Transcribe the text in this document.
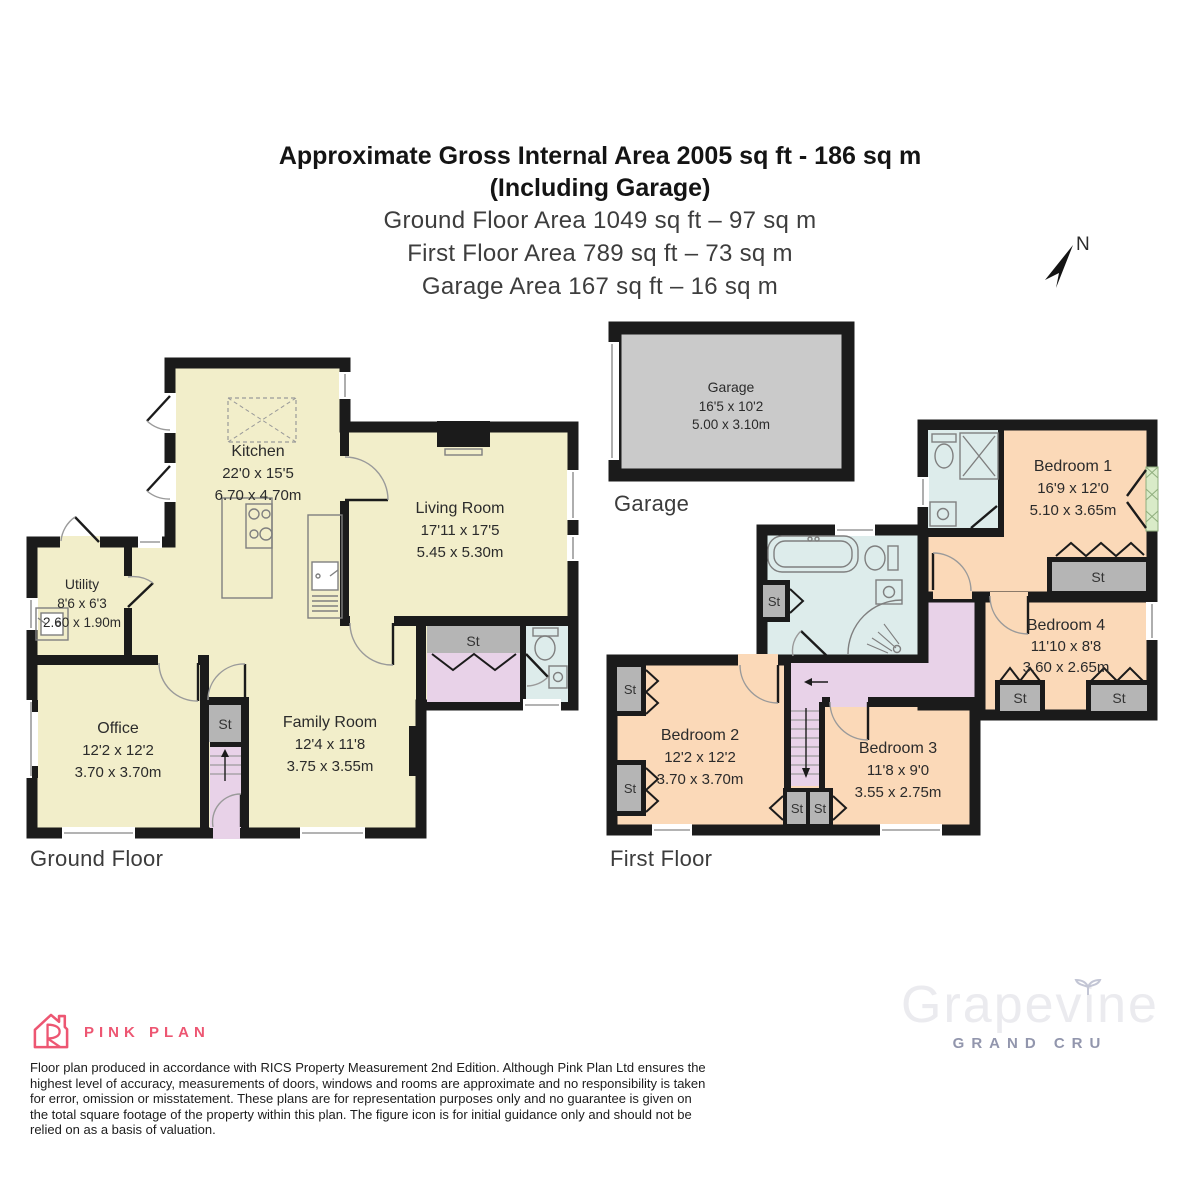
Approximate Gross Internal Area 2005 sq ft - 186 sq m
(Including Garage)
Ground Floor Area 1049 sq ft – 97 sq m
First Floor Area 789 sq ft – 73 sq m
Garage Area 167 sq ft – 16 sq m
N
Kitchen
22'0 x 15'5
6.70 x 4.70m
Living Room
17'11 x 17'5
5.45 x 5.30m
Utility
8'6 x 6'3
2.60 x 1.90m
Office
12'2 x 12'2
3.70 x 3.70m
Family Room
12'4 x 11'8
3.75 x 3.55m
St
St
Garage
16'5 x 10'2
5.00 x 3.10m
Bedroom 1
16'9 x 12'0
5.10 x 3.65m
Bedroom 4
11'10 x 8'8
3.60 x 2.65m
Bedroom 2
12'2 x 12'2
3.70 x 3.70m
Bedroom 3
11'8 x 9'0
3.55 x 2.75m
St
St	St
St
St
St
St St
Ground Floor
Garage
First Floor
PINK PLAN
Floor plan produced in accordance with RICS Property Measurement 2nd Edition. Although Pink Plan Ltd ensures the highest level of accuracy, measurements of doors, windows and rooms are approximate and no responsibility is taken for error, omission or misstatement. These plans are for representation purposes only and no guarantee is given on the total square footage of the property within this plan. The figure icon is for initial guidance only and should not be relied on as a basis of valuation.
Grapevine
GRAND CRU
